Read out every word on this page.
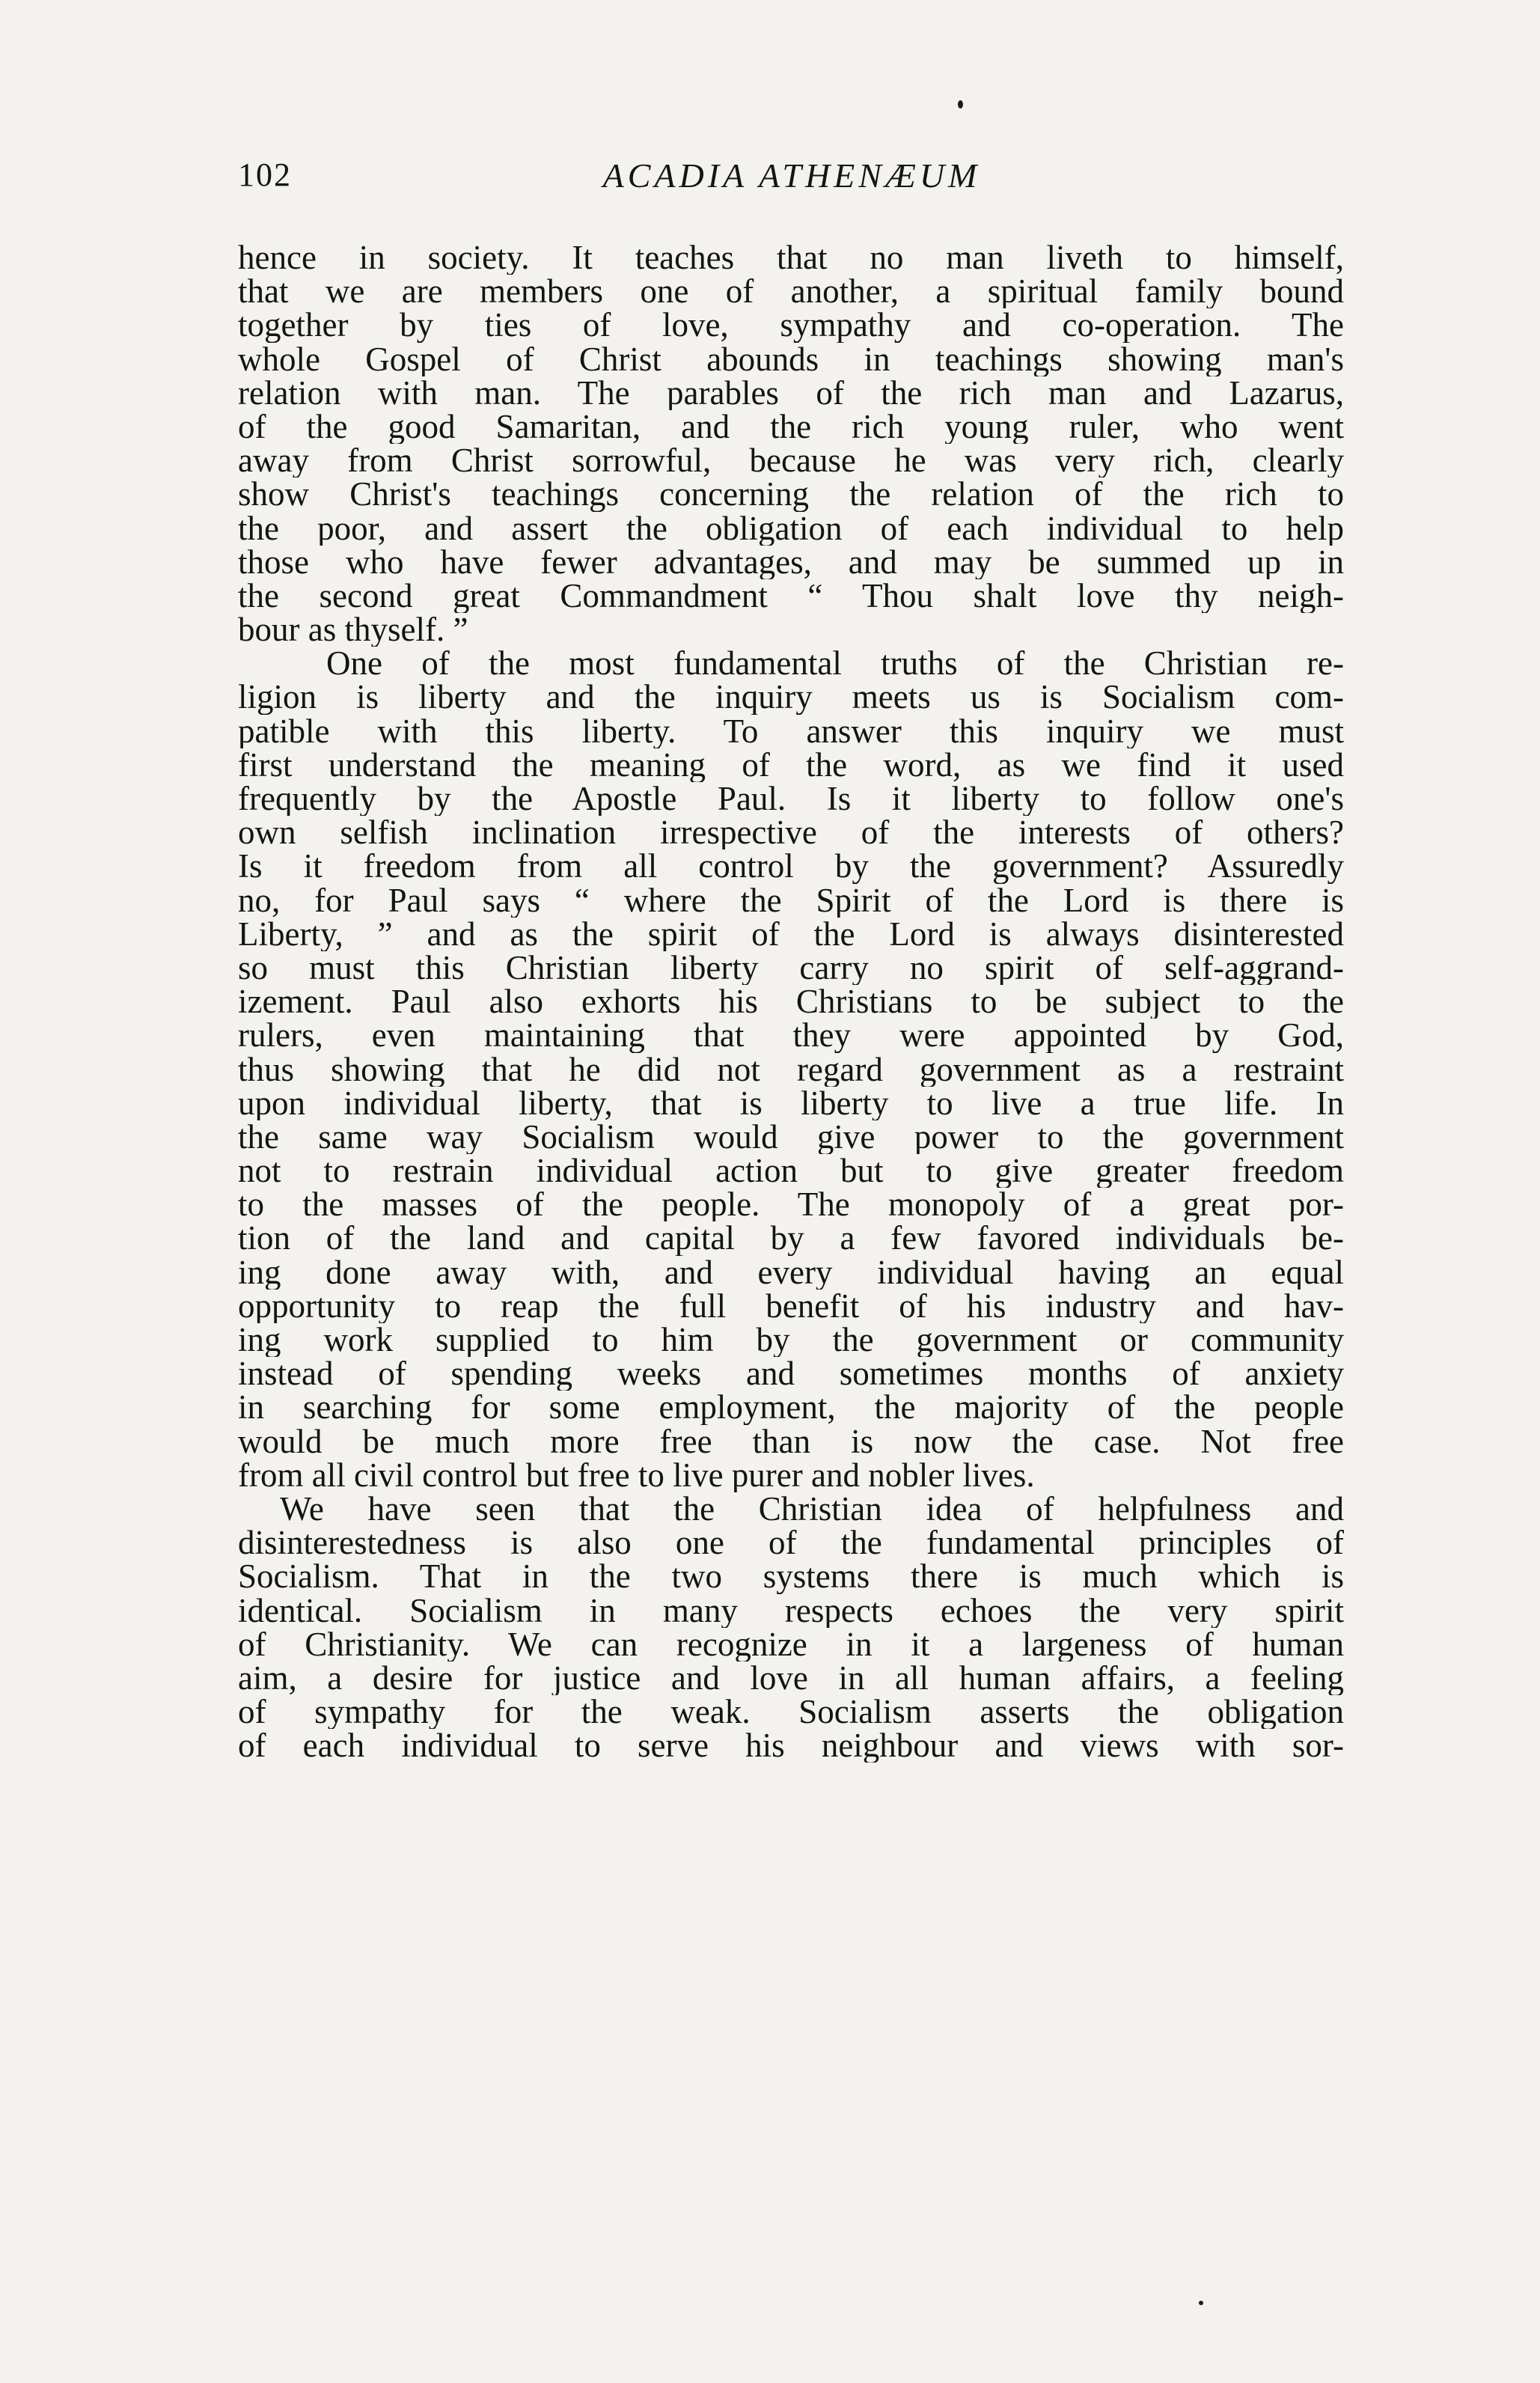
102	ACADIA ATHENÆUM
hence in society. It teaches that no man liveth to himself,
that we are members one of another, a spiritual family bound
together by ties of love, sympathy and co-operation. The
whole Gospel of Christ abounds in teachings showing man's
relation with man. The parables of the rich man and Lazarus,
of the good Samaritan, and the rich young ruler, who went
away from Christ sorrowful, because he was very rich, clearly
show Christ's teachings concerning the relation of the rich to
the poor, and assert the obligation of each individual to help
those who have fewer advantages, and may be summed up in
the second great Commandment “ Thou shalt love thy neigh-
bour as thyself. ”
One of the most fundamental truths of the Christian re-
ligion is liberty and the inquiry meets us is Socialism com-
patible with this liberty. To answer this inquiry we must
first understand the meaning of the word, as we find it used
frequently by the Apostle Paul. Is it liberty to follow one's
own selfish inclination irrespective of the interests of others?
Is it freedom from all control by the government? Assuredly
no, for Paul says “ where the Spirit of the Lord is there is
Liberty, ” and as the spirit of the Lord is always disinterested
so must this Christian liberty carry no spirit of self-aggrand-
izement. Paul also exhorts his Christians to be subject to the
rulers, even maintaining that they were appointed by God,
thus showing that he did not regard government as a restraint
upon individual liberty, that is liberty to live a true life. In
the same way Socialism would give power to the government
not to restrain individual action but to give greater freedom
to the masses of the people. The monopoly of a great por-
tion of the land and capital by a few favored individuals be-
ing done away with, and every individual having an equal
opportunity to reap the full benefit of his industry and hav-
ing work supplied to him by the government or community
instead of spending weeks and sometimes months of anxiety
in searching for some employment, the majority of the people
would be much more free than is now the case. Not free
from all civil control but free to live purer and nobler lives.
We have seen that the Christian idea of helpfulness and
disinterestedness is also one of the fundamental principles of
Socialism. That in the two systems there is much which is
identical. Socialism in many respects echoes the very spirit
of Christianity. We can recognize in it a largeness of human
aim, a desire for justice and love in all human affairs, a feeling
of sympathy for the weak. Socialism asserts the obligation
of each individual to serve his neighbour and views with sor-
